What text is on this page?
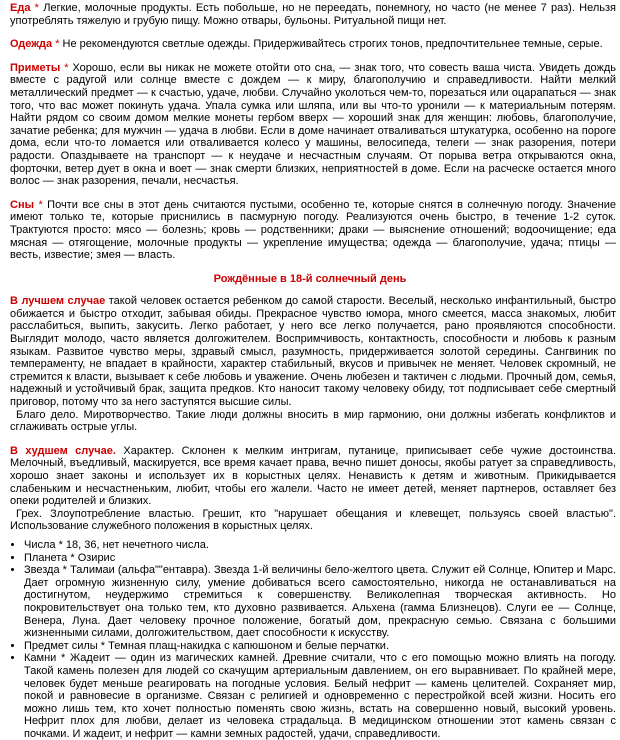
Еда * Легкие, молочные продукты. Есть побольше, но не переедать, понемногу, но часто (не менее 7 раз). Нельзя употреблять тяжелую и грубую пищу. Можно отвары, бульоны. Ритуальной пищи нет.

Одежда * Не рекомендуются светлые одежды. Придерживайтесь строгих тонов, предпочтительнее темные, серые.

Приметы * Хорошо, если вы никак не можете отойти ото сна, — знак того, что совесть ваша чиста. Увидеть дождь вместе с радугой или солнце вместе с дождем — к миру, благополучию и справедливости. Найти мелкий металлический предмет — к счастью, удаче, любви. Случайно уколоться чем-то, порезаться или оцарапаться — знак того, что вас может покинуть удача. Упала сумка или шляпа, или вы что-то уронили — к материальным потерям. Найти рядом со своим домом мелкие монеты гербом вверх — хороший знак для женщин: любовь, благополучие, зачатие ребенка; для мужчин — удача в любви. Если в доме начинает отваливаться штукатурка, особенно на пороге дома, если что-то ломается или отваливается колесо у машины, велосипеда, телеги — знак разорения, потери радости. Опаздываете на транспорт — к неудаче и несчастным случаям. От порыва ветра открываются окна, форточки, ветер дует в окна и воет — знак смерти близких, неприятностей в доме. Если на расческе остается много волос — знак разорения, печали, несчастья.

Сны * Почти все сны в этот день считаются пустыми, особенно те, которые снятся в солнечную погоду. Значение имеют только те, которые приснились в пасмурную погоду. Реализуются очень быстро, в течение 1-2 суток. Трактуются просто: мясо — болезнь; кровь — родственники; драки — выяснение отношений; водоочищение; еда мясная — отягощение, молочные продукты — укрепление имущества; одежда — благополучие, удача; птицы — весть, известие; змея — власть.

Рождённые в 18-й солнечный день

В лучшем случае такой человек остается ребенком до самой старости. Веселый, несколько инфантильный, быстро обижается и быстро отходит, забывая обиды. Прекрасное чувство юмора, много смеется, масса знакомых, любит расслабиться, выпить, закусить. Легко работает, у него все легко получается, рано проявляются способности. Выглядит молодо, часто является долгожителем. Воспримчивость, контактность, способности и любовь к разным языкам. Развитое чувство меры, здравый смысл, разумность, придерживается золотой середины. Сангвиник по темпераменту, не впадает в крайности, характер стабильный, вкусов и привычек не меняет. Человек скромный, не стремится к власти, вызывает к себе любовь и уважение. Очень любезен и тактичен с людьми. Прочный дом, семья, надежный и устойчивый брак, защита предков. Кто наносит такому человеку обиду, тот подписывает себе смертный приговор, потому что за него заступятся высшие силы.

Благо дело. Миротворчество. Такие люди должны вносить в мир гармонию, они должны избегать конфликтов и сглаживать острые углы.

В худшем случае. Характер. Склонен к мелким интригам, путанице, приписывает себе чужие достоинства. Мелочный, въедливый, маскируется, все время качает права, вечно пишет доносы, якобы ратует за справедливость, хорошо знает законы и использует их в корыстных целях. Ненависть к детям и животным. Прикидывается слабеньким и несчастненьким, любит, чтобы его жалели. Часто не имеет детей, меняет партнеров, оставляет без опеки родителей и близких.

Грех. Злоупотребление властью. Грешит, кто "нарушает обещания и клевещет, пользуясь своей властью". Использование служебного положения в корыстных целях.

• Числа * 18, 36, нет нечетного числа.
• Планета * Озирис
• Звезда * Талимаи (альфа""ентавра). Звезда 1-й величины бело-желтого цвета. Служит ей Солнце, Юпитер и Марс. Дает огромную жизненную силу, умение добиваться всего самостоятельно, никогда не останавливаться на достигнутом, неудержимо стремиться к совершенству. Великолепная творческая активность. Но покровительствует она только тем, кто духовно развивается. Альхена (гамма Близнецов). Слуги ее — Солнце, Венера, Луна. Дает человеку прочное положение, богатый дом, прекрасную семью. Связана с большими жизненными силами, долгожительством, дает способности к искусству.
• Предмет силы * Темная плащ-накидка с капюшоном и белые перчатки.
• Камни * Жадеит — один из магических камней. Древние считали, что с его помощью можно влиять на погоду. Такой камень полезен для людей со скачущим артериальным давлением, он его выравнивает. По крайней мере, человек будет меньше реагировать на погодные условия. Белый нефрит — камень целителей. Сохраняет мир, покой и равновесие в организме. Связан с религией и одновременно с перестройкой всей жизни. Носить его можно лишь тем, кто хочет полностью поменять свою жизнь, встать на совершенно новый, высокий уровень. Нефрит плох для любви, делает из человека страдальца. В медицинском отношении этот камень связан с почками. И жадеит, и нефрит — камни земных радостей, удачи, справедливости.
